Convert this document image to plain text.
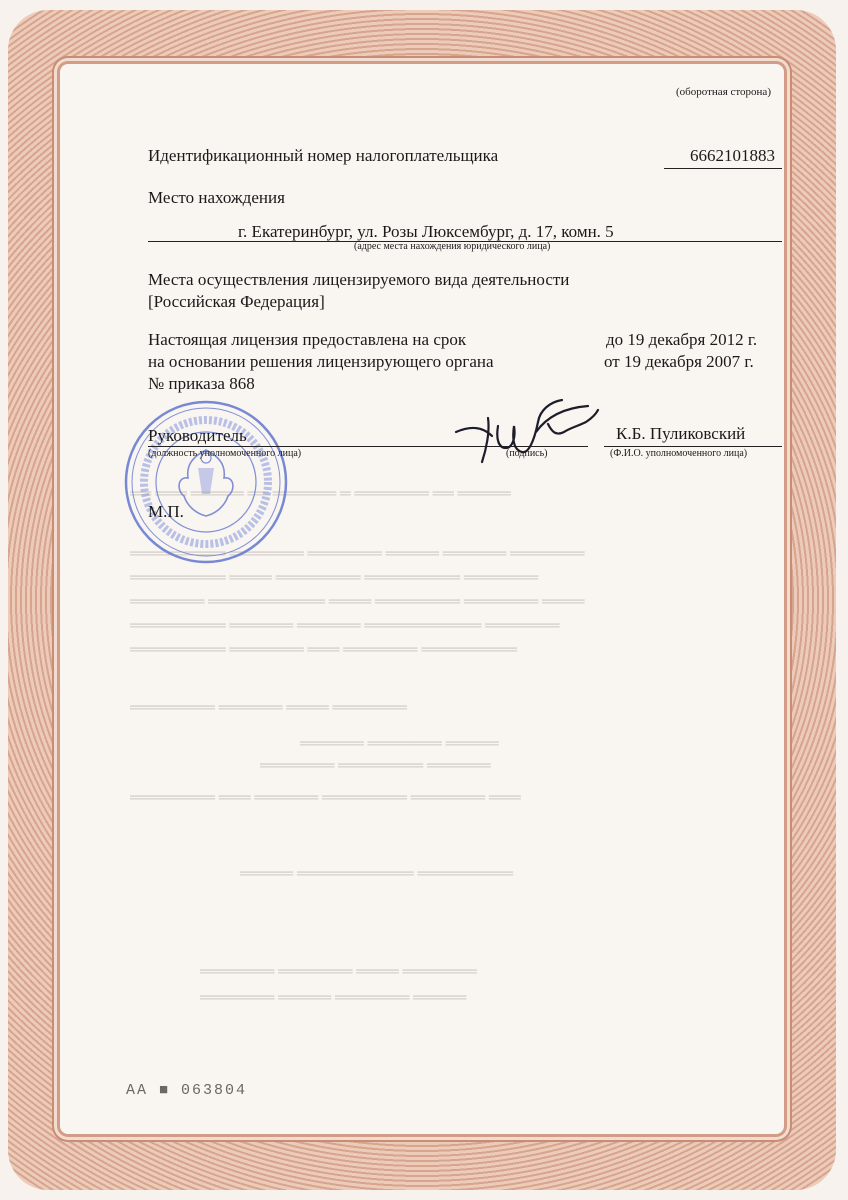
══ ═══ ═════ ══ ══════ ═ ═══════ ══ ═════
═════════ ═══════ ═══════ ═════ ══════ ═══════
═════════ ════ ════════ ═════════ ═══════
═══════ ═══════════ ════ ════════ ═══════ ════
═════════ ══════ ══════ ═══════════ ═══════
═════════ ═══════ ═══ ═══════ ═════════
════════ ══════ ════ ═══════
══════ ═══════ ═════
═══════ ════════ ══════
════════ ═══ ══════ ════════ ═══════ ═══
═════ ═══════════ ═════════
═══════ ═══════ ════ ═══════
═══════ ═════ ═══════ ═════
АА ■ 063804
(оборотная сторона)
Идентификационный номер налогоплательщика	6662101883
Место нахождения
г. Екатеринбург, ул. Розы Люксембург, д. 17, комн. 5
(адрес места нахождения юридического лица)
Места осуществления лицензируемого вида деятельности
[Российская Федерация]
Настоящая лицензия предоставлена на срок	до 19 декабря 2012 г.
на основании решения лицензирующего органа	от 19 декабря 2007 г.
№ приказа 868
Руководитель	К.Б. Пуликовский
(должность уполномоченного лица)	(подпись)	(Ф.И.О. уполномоченного лица)
М.П.
